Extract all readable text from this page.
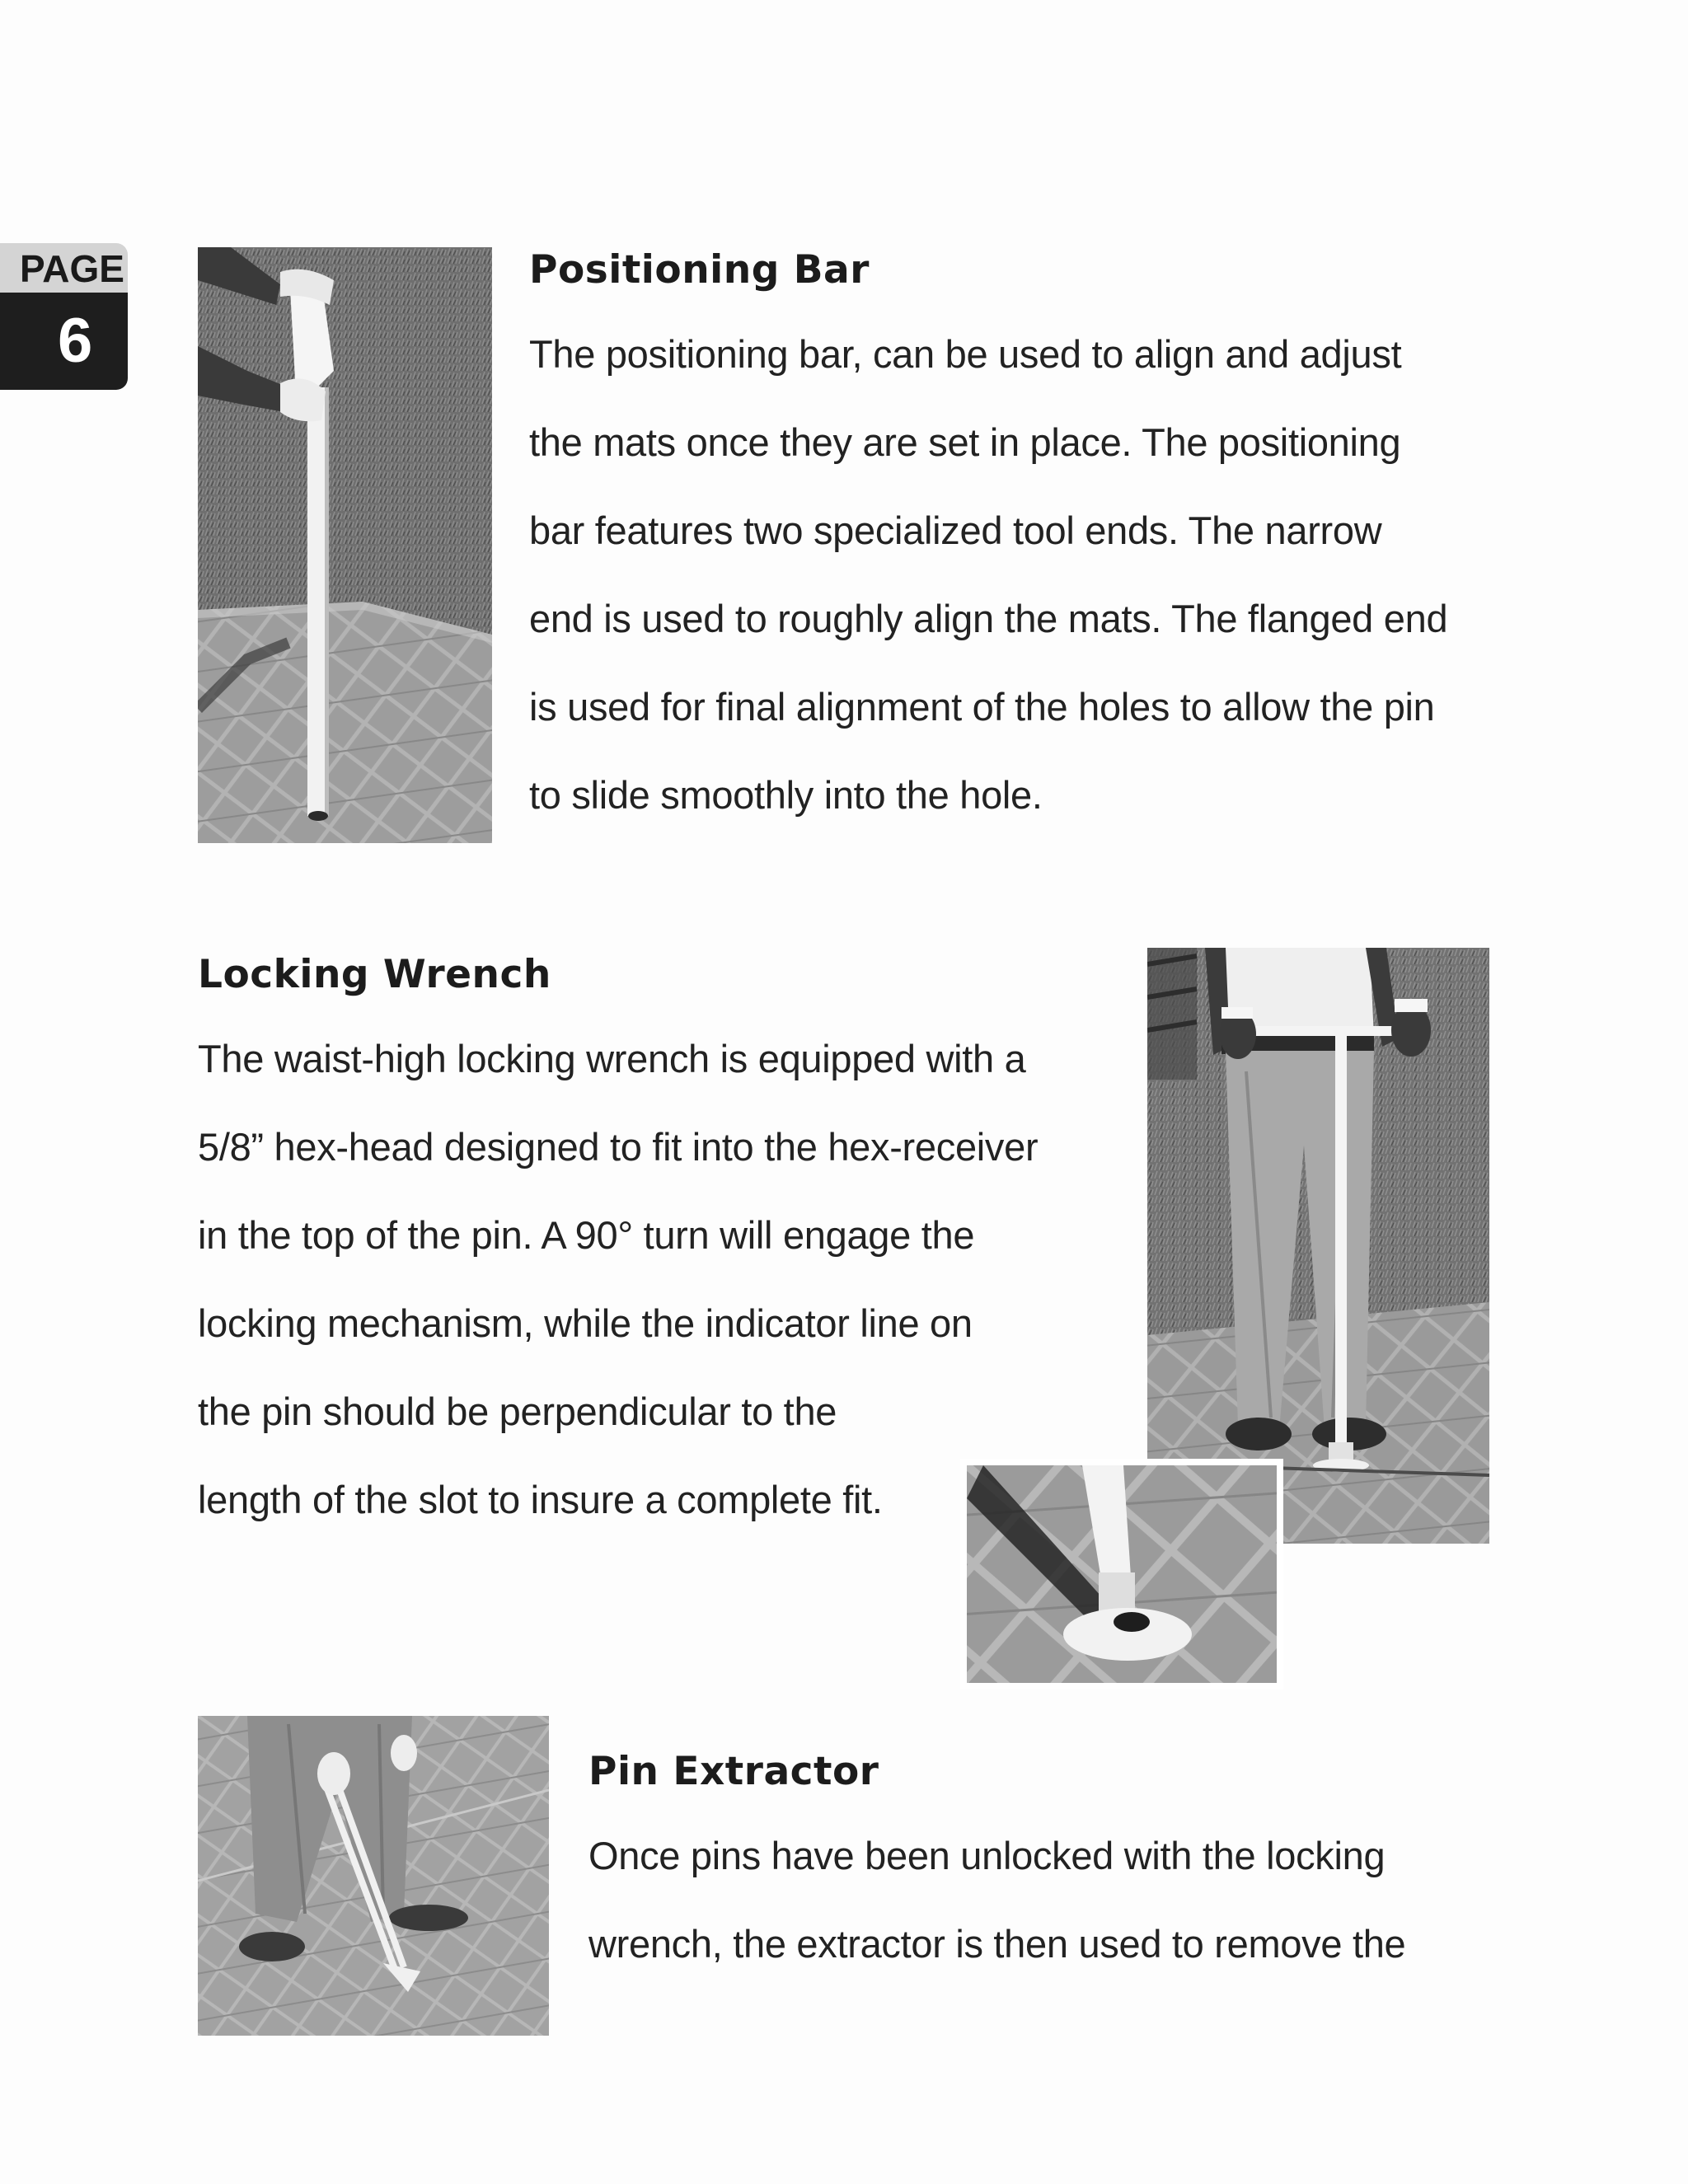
PAGE
6
Positioning Bar
The positioning bar, can be used to align and adjust
the mats once they are set in place. The positioning
bar features two specialized tool ends. The narrow
end is used to roughly align the mats. The flanged end
is used for final alignment of the holes to allow the pin
to slide smoothly into the hole.
Locking Wrench
The waist-high locking wrench is equipped with a
5/8” hex-head designed to fit into the hex-receiver
in the top of the pin. A 90° turn will engage the
locking mechanism, while the indicator line on
the pin should be perpendicular to the
length of the slot to insure a complete fit.
Pin Extractor
Once pins have been unlocked with the locking
wrench, the extractor is then used to remove the
